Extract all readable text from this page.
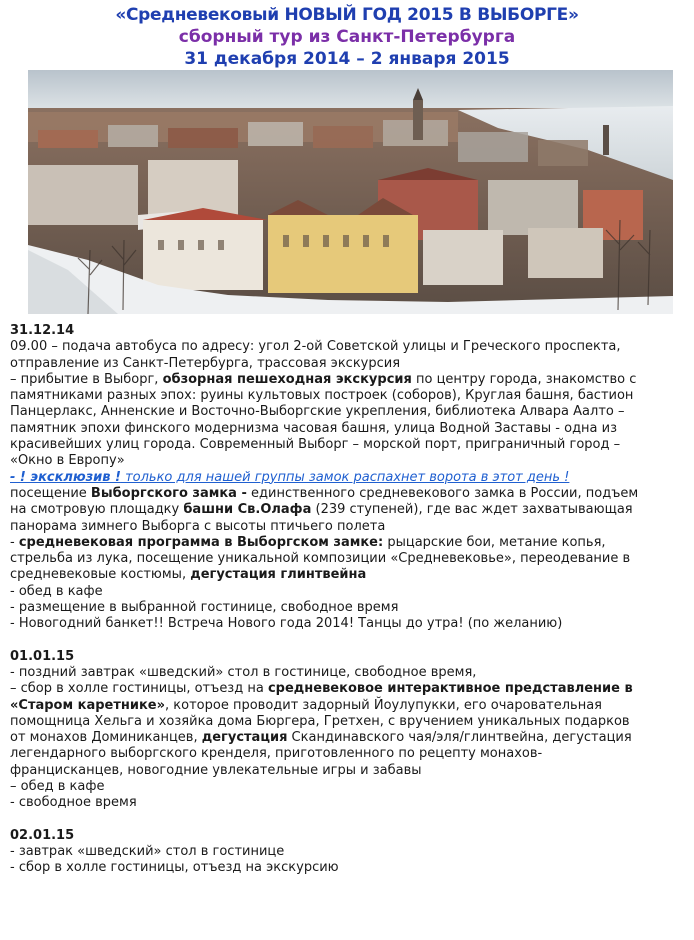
«Средневековый НОВЫЙ ГОД 2015 В ВЫБОРГЕ»
сборный тур из Санкт-Петербурга
31 декабря 2014 – 2 января 2015

31.12.14

09.00 – подача автобуса по адресу: угол 2-ой Советской улицы и Греческого проспекта,

отправление из Санкт-Петербурга, трассовая экскурсия

– прибытие в Выборг, обзорная пешеходная экскурсия по центру города, знакомство с

памятниками разных эпох: руины культовых построек (соборов), Круглая башня, бастион

Панцерлакс, Анненские и Восточно-Выборгские укрепления, библиотека Алвара Аалто –

памятник эпохи финского модернизма часовая башня, улица Водной Заставы - одна из

красивейших улиц города. Современный Выборг – морской порт, приграничный город –

«Окно в Европу»

- ! эксклюзив ! только для нашей группы замок распахнет ворота в этот день !

посещение Выборгского замка - единственного средневекового замка в России, подъем

на смотровую площадку башни Св.Олафа (239 ступеней), где вас ждет захватывающая

панорама зимнего Выборга с высоты птичьего полета

- средневековая программа в Выборгском замке: рыцарские бои, метание копья,

стрельба из лука, посещение уникальной композиции «Средневековье», переодевание в

средневековые костюмы, дегустация глинтвейна

- обед в кафе

- размещение в выбранной гостинице, свободное время

- Новогодний банкет!! Встреча Нового года 2014! Танцы до утра! (по желанию)

01.01.15

- поздний завтрак «шведский» стол в гостинице, свободное время,

– сбор в холле гостиницы, отъезд на средневековое интерактивное представление в

«Старом каретнике», которое проводит задорный Йоулупукки, его очаровательная

помощница Хельга и хозяйка дома Бюргера, Гретхен, с вручением уникальных подарков

от монахов Доминиканцев, дегустация Скандинавского чая/эля/глинтвейна, дегустация

легендарного выборгского кренделя, приготовленного по рецепту монахов-

францисканцев, новогодние увлекательные игры и забавы

– обед в кафе

- свободное время

02.01.15

- завтрак «шведский» стол в гостинице

- сбор в холле гостиницы, отъезд на экскурсию
